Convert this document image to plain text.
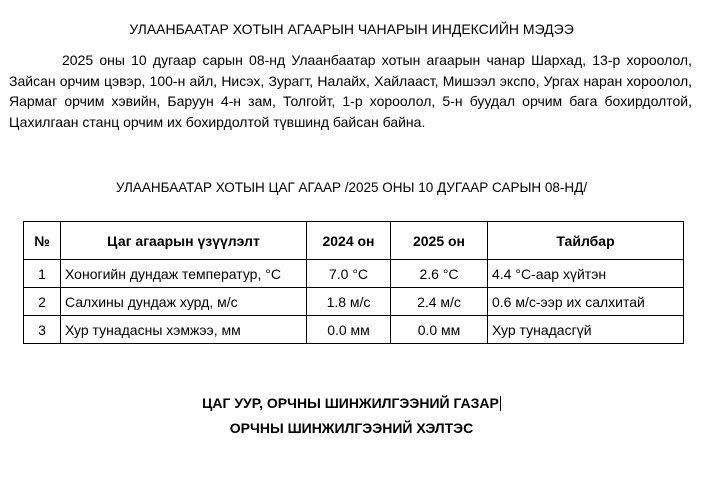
УЛААНБААТАР ХОТЫН АГААРЫН ЧАНАРЫН ИНДЕКСИЙН МЭДЭЭ
2025 оны 10 дугаар сарын 08-нд Улаанбаатар хотын агаарын чанар Шархад, 13-р хороолол, Зайсан орчим цэвэр, 100-н айл, Нисэх, Зурагт, Налайх, Хайлааст, Мишээл экспо, Ургах наран хороолол, Яармаг орчим хэвийн, Баруун 4-н зам, Толгойт, 1-р хороолол, 5-н буудал орчим бага бохирдолтой, Цахилгаан станц орчим их бохирдолтой түвшинд байсан байна.
УЛААНБААТАР ХОТЫН ЦАГ АГААР /2025 ОНЫ 10 ДУГААР САРЫН 08-НД/
№	Цаг агаарын үзүүлэлт	2024 он	2025 он	Тайлбар
1	Хоногийн дундаж температур, °C	7.0 °C	2.6 °C	4.4 °C-аар хүйтэн
2	Салхины дундаж хурд, м/с	1.8 м/с	2.4 м/с	0.6 м/с-ээр их салхитай
3	Хур тунадасны хэмжээ, мм	0.0 мм	0.0 мм	Хур тунадасгүй
ЦАГ УУР, ОРЧНЫ ШИНЖИЛГЭЭНИЙ ГАЗАР
ОРЧНЫ ШИНЖИЛГЭЭНИЙ ХЭЛТЭС
